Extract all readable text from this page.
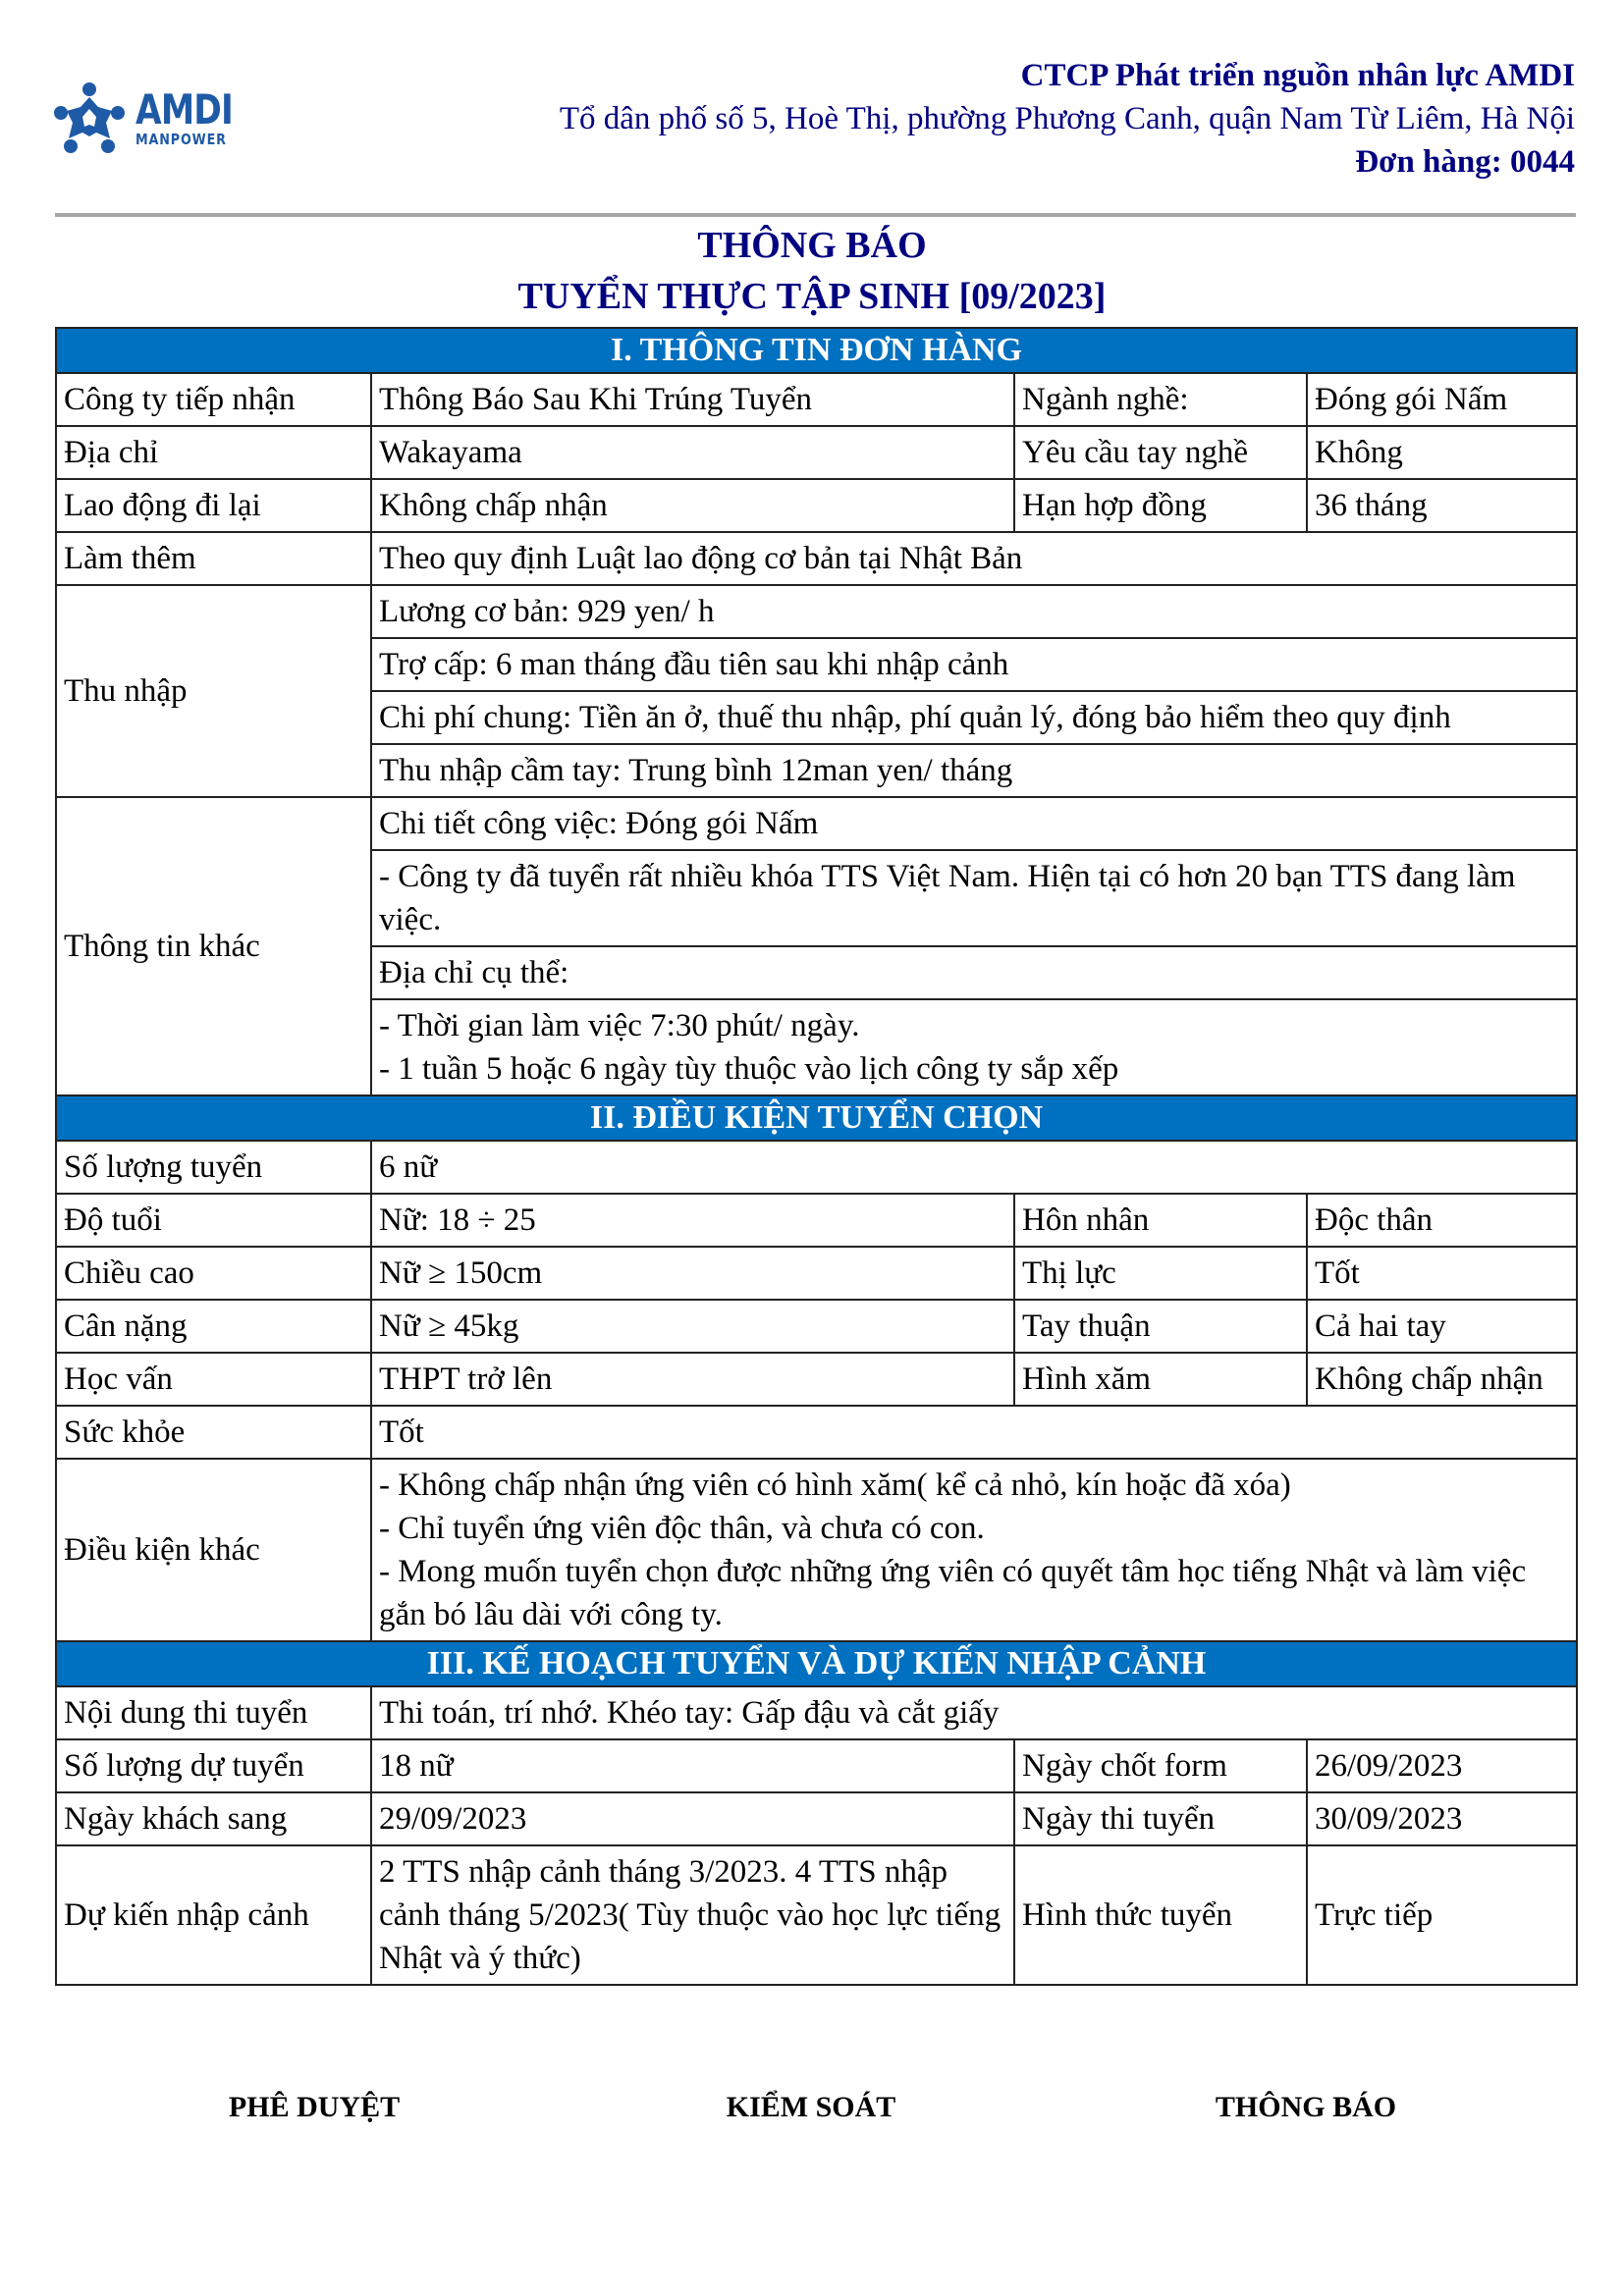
AMDI
MANPOWER
CTCP Phát triển nguồn nhân lực AMDI
Tổ dân phố số 5, Hoè Thị, phường Phương Canh, quận Nam Từ Liêm, Hà Nội
Đơn hàng: 0044
THÔNG BÁO
TUYỂN THỰC TẬP SINH [09/2023]
I. THÔNG TIN ĐƠN HÀNG			
Công ty tiếp nhận	Thông Báo Sau Khi Trúng Tuyển	Ngành nghề:	Đóng gói Nấm
Địa chỉ	Wakayama	Yêu cầu tay nghề	Không
Lao động đi lại	Không chấp nhận	Hạn hợp đồng	36 tháng
Làm thêm	Theo quy định Luật lao động cơ bản tại Nhật Bản		
Thu nhập	Lương cơ bản: 929 yen/ h		
	Trợ cấp: 6 man tháng đầu tiên sau khi nhập cảnh		
	Chi phí chung: Tiền ăn ở, thuế thu nhập, phí quản lý, đóng bảo hiểm theo quy định		
	Thu nhập cầm tay: Trung bình 12man yen/ tháng		
Thông tin khác	Chi tiết công việc: Đóng gói Nấm		
	- Công ty đã tuyển rất nhiều khóa TTS Việt Nam. Hiện tại có hơn 20 bạn TTS đang làm việc.		
	Địa chỉ cụ thể:		

	- Thời gian làm việc 7:30 phút/ ngày.
- 1 tuần 5 hoặc 6 ngày tùy thuộc vào lịch công ty sắp xếp		

II. ĐIỀU KIỆN TUYỂN CHỌN			
Số lượng tuyển	6 nữ		
Độ tuổi	Nữ: 18 ÷ 25	Hôn nhân	Độc thân
Chiều cao	Nữ ≥ 150cm	Thị lực	Tốt
Cân nặng	Nữ ≥ 45kg	Tay thuận	Cả hai tay
Học vấn	THPT trở lên	Hình xăm	Không chấp nhận
Sức khỏe	Tốt		
Điều kiện khác	- Không chấp nhận ứng viên có hình xăm( kể cả nhỏ, kín hoặc đã xóa)
- Chỉ tuyển ứng viên độc thân, và chưa có con.
- Mong muốn tuyển chọn được những ứng viên có quyết tâm học tiếng Nhật và làm việc gắn bó lâu dài với công ty.		

III. KẾ HOẠCH TUYỂN VÀ DỰ KIẾN NHẬP CẢNH			
Nội dung thi tuyển	Thi toán, trí nhớ. Khéo tay: Gấp đậu và cắt giấy		
Số lượng dự tuyển	18 nữ	Ngày chốt form	26/09/2023
Ngày khách sang	29/09/2023	Ngày thi tuyển	30/09/2023
Dự kiến nhập cảnh	2 TTS nhập cảnh tháng 3/2023. 4 TTS nhập cảnh tháng 5/2023( Tùy thuộc vào học lực tiếng Nhật và ý thức)	Hình thức tuyển	Trực tiếp
PHÊ DUYỆT	KIỂM SOÁT	THÔNG BÁO
